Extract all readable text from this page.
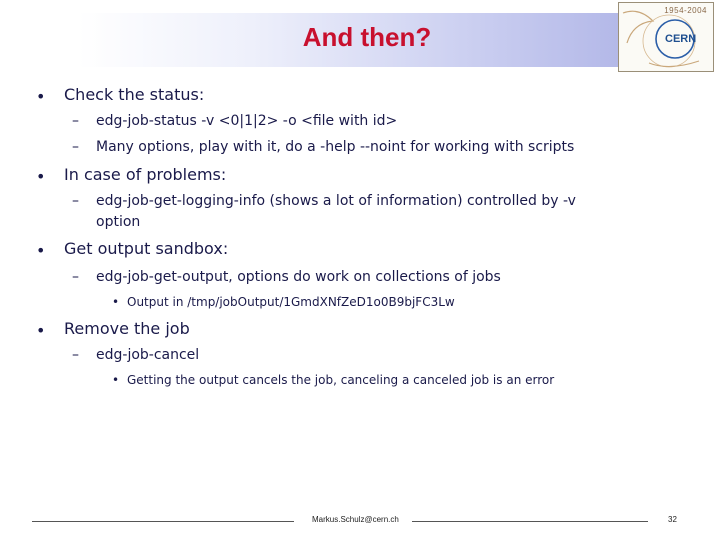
And then?
1954-2004
CERN
• Check the status:
– edg-job-status -v <0|1|2> -o <file with id>
– Many options, play with it, do a -help --noint for working with scripts
• In case of problems:
– edg-job-get-logging-info (shows a lot of information) controlled by -v
option
• Get output sandbox:
– edg-job-get-output, options do work on collections of jobs
• Output in /tmp/jobOutput/1GmdXNfZeD1o0B9bjFC3Lw
• Remove the job
– edg-job-cancel
• Getting the output cancels the job, canceling a canceled job is an error
Markus.Schulz@cern.ch	32
